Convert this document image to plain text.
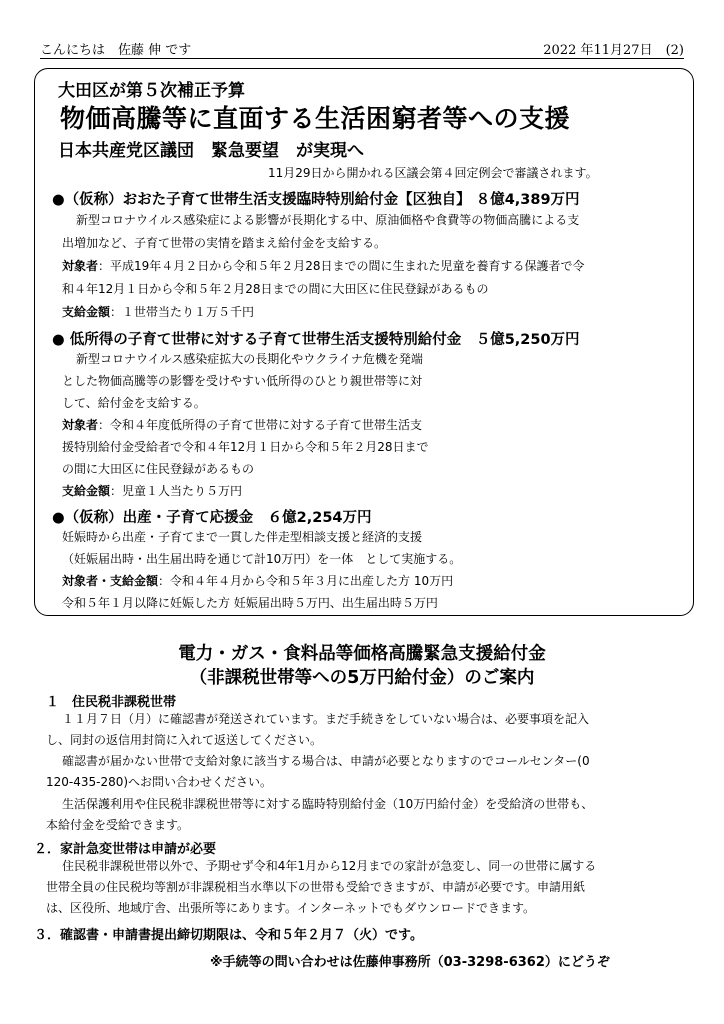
こんにちは　佐藤 伸 です	2022 年11月27日　(2)
大田区が第５次補正予算
物価高騰等に直面する生活困窮者等への支援
日本共産党区議団　緊急要望　が実現へ
11月29日から開かれる区議会第４回定例会で審議されます。
●（仮称）おおた子育て世帯生活支援臨時特別給付金【区独自】 ８億4,389万円
新型コロナウイルス感染症による影響が長期化する中、原油価格や食費等の物価高騰による支
出増加など、子育て世帯の実情を踏まえ給付金を支給する。
対象者：平成19年４月２日から令和５年２月28日までの間に生まれた児童を養育する保護者で令
和４年12月１日から令和５年２月28日までの間に大田区に住民登録があるもの
支給金額：１世帯当たり１万５千円
● 低所得の子育て世帯に対する子育て世帯生活支援特別給付金　５億5,250万円
新型コロナウイルス感染症拡大の長期化やウクライナ危機を発端
とした物価高騰等の影響を受けやすい低所得のひとり親世帯等に対
して、給付金を支給する。
対象者：令和４年度低所得の子育て世帯に対する子育て世帯生活支
援特別給付金受給者で令和４年12月１日から令和５年２月28日まで
の間に大田区に住民登録があるもの
支給金額：児童１人当たり５万円
●（仮称）出産・子育て応援金　６億2,254万円
妊娠時から出産・子育てまで一貫した伴走型相談支援と経済的支援
（妊娠届出時・出生届出時を通じて計10万円）を一体　として実施する。
対象者・支給金額：令和４年４月から令和５年３月に出産した方 10万円
令和５年１月以降に妊娠した方 妊娠届出時５万円、出生届出時５万円
電力・ガス・食料品等価格高騰緊急支援給付金
（非課税世帯等への5万円給付金）のご案内
１　住民税非課税世帯
１１月７日（月）に確認書が発送されています。まだ手続きをしていない場合は、必要事項を記入
し、同封の返信用封筒に入れて返送してください。
確認書が届かない世帯で支給対象に該当する場合は、申請が必要となりますのでコールセンター(0
120-435-280)へお問い合わせください。
生活保護利用や住民税非課税世帯等に対する臨時特別給付金（10万円給付金）を受給済の世帯も、
本給付金を受給できます。
２．家計急変世帯は申請が必要
住民税非課税世帯以外で、予期せず令和4年1月から12月までの家計が急変し、同一の世帯に属する
世帯全員の住民税均等割が非課税相当水準以下の世帯も受給できますが、申請が必要です。申請用紙
は、区役所、地域庁舎、出張所等にあります。インターネットでもダウンロードできます。
３．確認書・申請書提出締切期限は、令和５年２月７（火）です。
※手続等の問い合わせは佐藤伸事務所（03-3298-6362）にどうぞ
